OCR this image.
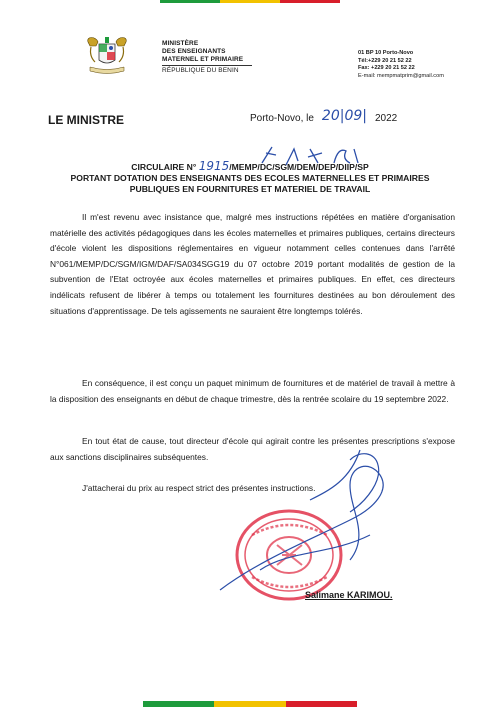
MINISTÈRE
DES ENSEIGNANTS
MATERNEL ET PRIMAIRE
RÉPUBLIQUE DU BENIN
01 BP 10 Porto-Novo
Tél:+229 20 21 52 22
Fax: +229 20 21 52 22
E-mail: mempmatprim@gmail.com
LE MINISTRE	Porto-Novo, le 20|09| 2022
CIRCULAIRE N° 1915/MEMP/DC/SGM/DEM/DEP/DIIP/SP
PORTANT DOTATION DES ENSEIGNANTS DES ECOLES MATERNELLES ET PRIMAIRES
PUBLIQUES EN FOURNITURES ET MATERIEL DE TRAVAIL

Il m'est revenu avec insistance que, malgré mes instructions répétées en matière d'organisation matérielle des activités pédagogiques dans les écoles maternelles et primaires publiques, certains directeurs d'école violent les dispositions réglementaires en vigueur notamment celles contenues dans l'arrêté N°061/MEMP/DC/SGM/IGM/DAF/SA034SGG19 du 07 octobre 2019 portant modalités de gestion de la subvention de l'Etat octroyée aux écoles maternelles et primaires publiques. En effet, ces directeurs indélicats refusent de libérer à temps ou totalement les fournitures destinées au bon déroulement des situations d'apprentissage. De tels agissements ne sauraient être longtemps tolérés.

En conséquence, il est conçu un paquet minimum de fournitures et de matériel de travail à mettre à la disposition des enseignants en début de chaque trimestre, dès la rentrée scolaire du 19 septembre 2022.

En tout état de cause, tout directeur d'école qui agirait contre les présentes prescriptions s'expose aux sanctions disciplinaires subséquentes.

J'attacherai du prix au respect strict des présentes instructions.

Salimane KARIMOU.
